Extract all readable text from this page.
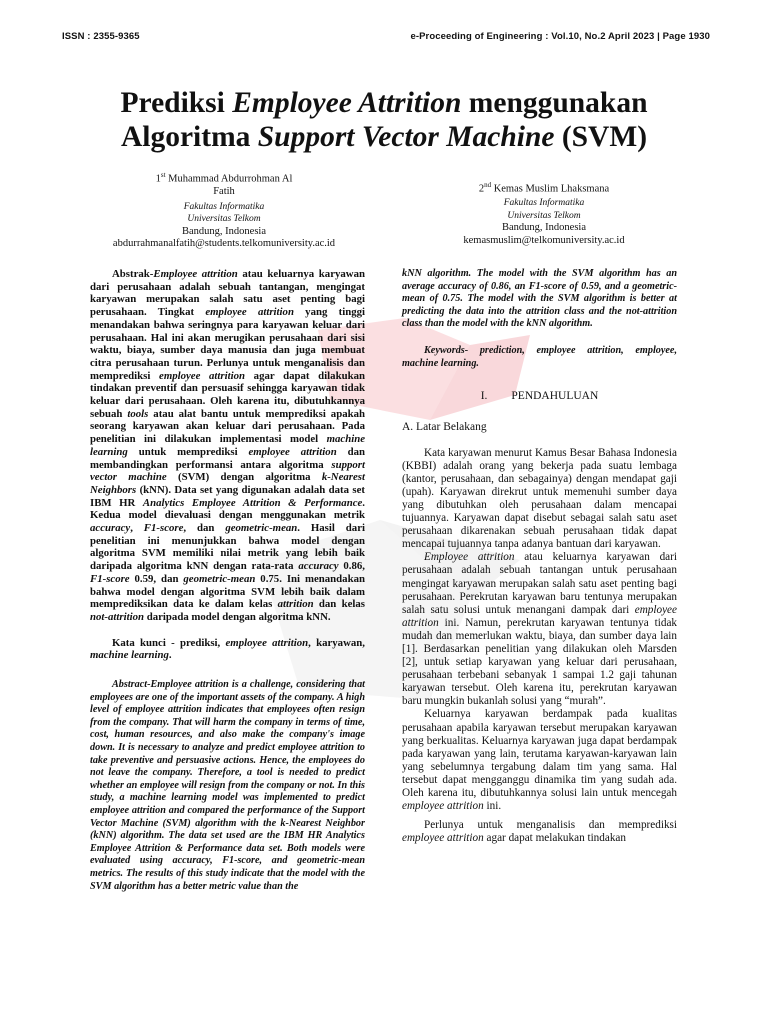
ISSN : 2355-9365	e-Proceeding of Engineering : Vol.10, No.2 April 2023 | Page 1930
Prediksi Employee Attrition menggunakan
Algoritma Support Vector Machine (SVM)
1st Muhammad Abdurrohman Al
Fatih
Fakultas Informatika
Universitas Telkom
Bandung, Indonesia
abdurrahmanalfatih@students.telkomuniversity.ac.id
2nd Kemas Muslim Lhaksmana
Fakultas Informatika
Universitas Telkom
Bandung, Indonesia
kemasmuslim@telkomuniversity.ac.id

Abstrak-Employee attrition atau keluarnya karyawan dari perusahaan adalah sebuah tantangan, mengingat karyawan merupakan salah satu aset penting bagi perusahaan. Tingkat employee attrition yang tinggi menandakan bahwa seringnya para karyawan keluar dari perusahaan. Hal ini akan merugikan perusahaan dari sisi waktu, biaya, sumber daya manusia dan juga membuat citra perusahaan turun. Perlunya untuk menganalisis dan memprediksi employee attrition agar dapat dilakukan tindakan preventif dan persuasif sehingga karyawan tidak keluar dari perusahaan. Oleh karena itu, dibutuhkannya sebuah tools atau alat bantu untuk memprediksi apakah seorang karyawan akan keluar dari perusahaan. Pada penelitian ini dilakukan implementasi model machine learning untuk memprediksi employee attrition dan membandingkan performansi antara algoritma support vector machine (SVM) dengan algoritma k-Nearest Neighbors (kNN). Data set yang digunakan adalah data set IBM HR Analytics Employee Attrition & Performance. Kedua model dievaluasi dengan menggunakan metrik accuracy, F1-score, dan geometric-mean. Hasil dari penelitian ini menunjukkan bahwa model dengan algoritma SVM memiliki nilai metrik yang lebih baik daripada algoritma kNN dengan rata-rata accuracy 0.86, F1-score 0.59, dan geometric-mean 0.75. Ini menandakan bahwa model dengan algoritma SVM lebih baik dalam memprediksikan data ke dalam kelas attrition dan kelas not-attrition daripada model dengan algoritma kNN.

Kata kunci - prediksi, employee attrition, karyawan, machine learning.

Abstract-Employee attrition is a challenge, considering that employees are one of the important assets of the company. A high level of employee attrition indicates that employees often resign from the company. That will harm the company in terms of time, cost, human resources, and also make the company's image down. It is necessary to analyze and predict employee attrition to take preventive and persuasive actions. Hence, the employees do not leave the company. Therefore, a tool is needed to predict whether an employee will resign from the company or not. In this study, a machine learning model was implemented to predict employee attrition and compared the performance of the Support Vector Machine (SVM) algorithm with the k-Nearest Neighbor (kNN) algorithm. The data set used are the IBM HR Analytics Employee Attrition & Performance data set. Both models were evaluated using accuracy, F1-score, and geometric-mean metrics. The results of this study indicate that the model with the SVM algorithm has a better metric value than the

kNN algorithm. The model with the SVM algorithm has an average accuracy of 0.86, an F1-score of 0.59, and a geometric-mean of 0.75. The model with the SVM algorithm is better at predicting the data into the attrition class and the not-attrition class than the model with the kNN algorithm.

Keywords- prediction, employee attrition, employee, machine learning.

I. PENDAHULUAN

A. Latar Belakang

Kata karyawan menurut Kamus Besar Bahasa Indonesia (KBBI) adalah orang yang bekerja pada suatu lembaga (kantor, perusahaan, dan sebagainya) dengan mendapat gaji (upah). Karyawan direkrut untuk memenuhi sumber daya yang dibutuhkan oleh perusahaan dalam mencapai tujuannya. Karyawan dapat disebut sebagai salah satu aset perusahaan dikarenakan sebuah perusahaan tidak dapat mencapai tujuannya tanpa adanya bantuan dari karyawan.

Employee attrition atau keluarnya karyawan dari perusahaan adalah sebuah tantangan untuk perusahaan mengingat karyawan merupakan salah satu aset penting bagi perusahaan. Perekrutan karyawan baru tentunya merupakan salah satu solusi untuk menangani dampak dari employee attrition ini. Namun, perekrutan karyawan tentunya tidak mudah dan memerlukan waktu, biaya, dan sumber daya lain [1]. Berdasarkan penelitian yang dilakukan oleh Marsden [2], untuk setiap karyawan yang keluar dari perusahaan, perusahaan terbebani sebanyak 1 sampai 1.2 gaji tahunan karyawan tersebut. Oleh karena itu, perekrutan karyawan baru mungkin bukanlah solusi yang “murah”.

Keluarnya karyawan berdampak pada kualitas perusahaan apabila karyawan tersebut merupakan karyawan yang berkualitas. Keluarnya karyawan juga dapat berdampak pada karyawan yang lain, terutama karyawan-karyawan lain yang sebelumnya tergabung dalam tim yang sama. Hal tersebut dapat mengganggu dinamika tim yang sudah ada. Oleh karena itu, dibutuhkannya solusi lain untuk mencegah employee attrition ini.

Perlunya untuk menganalisis dan memprediksi employee attrition agar dapat melakukan tindakan
